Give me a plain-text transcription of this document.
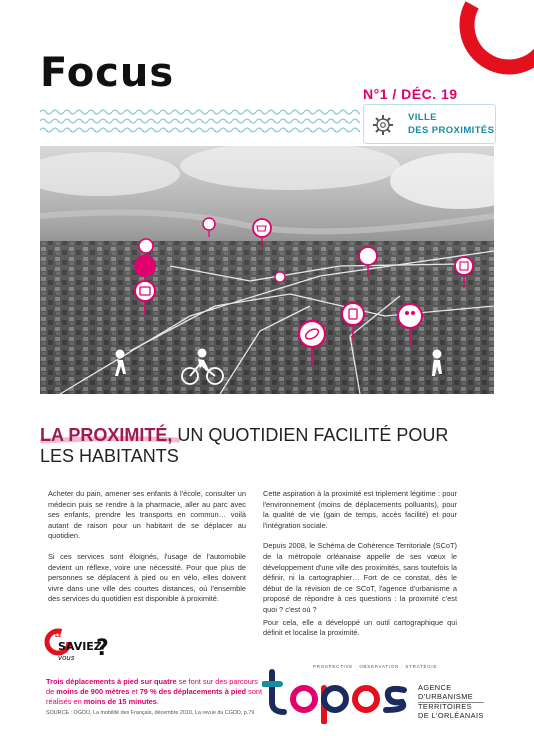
Focus	N°1 / DÉC. 19
VILLE
DES PROXIMITÉS
LA PROXIMITÉ, UN QUOTIDIEN FACILITÉ POUR LES HABITANTS

Acheter du pain, amener ses enfants à l'école, consulter un médecin puis se rendre à la pharmacie, aller au parc avec ses enfants, prendre les transports en commun… voilà autant de raison pour un habitant de se déplacer au quotidien.

Si ces services sont éloignés, l'usage de l'automobile devient un réflexe, voire une nécessité. Pour que plus de personnes se déplacent à pied ou en vélo, elles doivent vivre dans une ville des courtes distances, où l'ensemble des services du quotidien est disponible à proximité.

Cette aspiration à la proximité est triplement légitime : pour l'environnement (moins de déplacements polluants), pour la qualité de vie (gain de temps, accès facilité) et pour l'intégration sociale.

Depuis 2008, le Schéma de Cohérence Territoriale (SCoT) de la métropole orléanaise appelle de ses vœux le développement d'une ville des proximités, sans toutefois la définir, ni la cartographier… Fort de ce constat, dès le début de la révision de ce SCoT, l'agence d'urbanisme a proposé de répondre à ces questions : la proximité c'est quoi ? c'est où ?

Pour cela, elle a développé un outil cartographique qui définit et localise la proximité.

LE
SAVIEZ
vous ?
Trois déplacements à pied sur quatre se font sur des parcours de moins de 900 mètres et 79 % des déplacements à pied sont réalisés en moins de 15 minutes.
SOURCE : OGDO, La mobilité des Français, décembre 2010, La revue du CGDD, p.79
PROSPECTIVE · OBSERVATION · STRATÉGIE
AGENCE
D'URBANISME
TERRITOIRES
DE L'ORLÉANAIS
